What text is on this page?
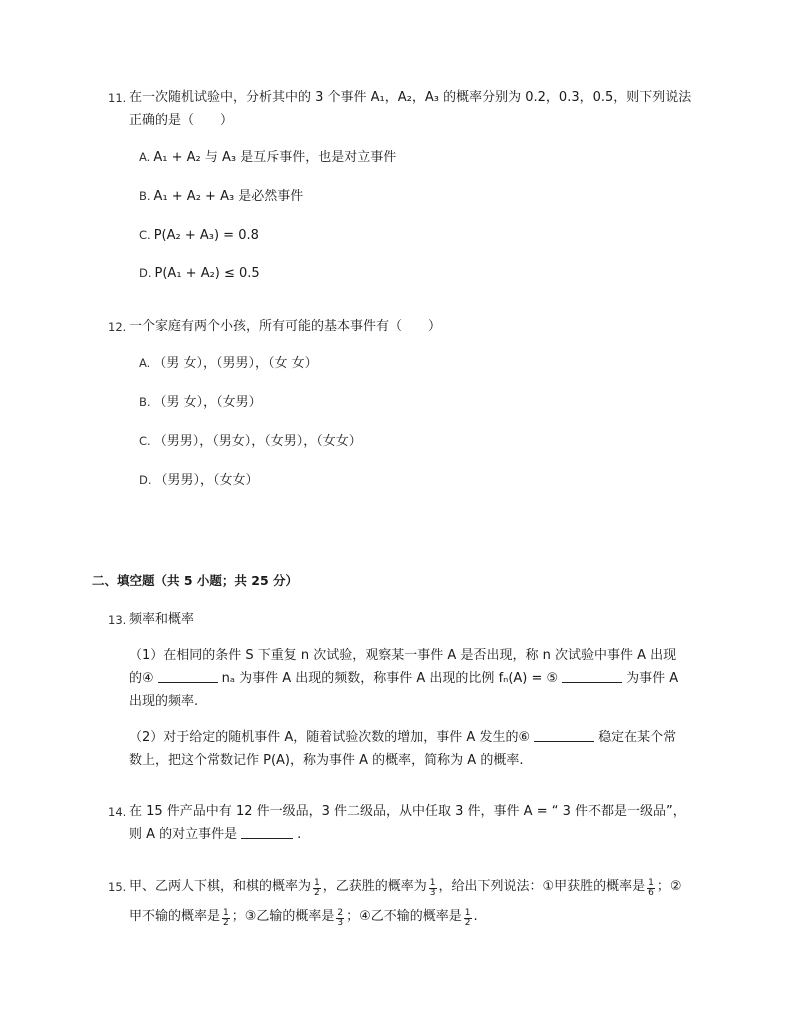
11. 在一次随机试验中，分析其中的 3 个事件 A₁，A₂，A₃ 的概率分别为 0.2，0.3，0.5，则下列说法
正确的是（　　）
A. A₁ + A₂ 与 A₃ 是互斥事件，也是对立事件
B. A₁ + A₂ + A₃ 是必然事件
C. P(A₂ + A₃) = 0.8
D. P(A₁ + A₂) ≤ 0.5
12. 一个家庭有两个小孩，所有可能的基本事件有（　　）
A. （男 女），（男男），（女 女）
B. （男 女），（女男）
C. （男男），（男女），（女男），（女女）
D. （男男），（女女）
二、填空题（共 5 小题；共 25 分）
13. 频率和概率
（1）在相同的条件 S 下重复 n 次试验，观察某一事件 A 是否出现，称 n 次试验中事件 A 出现
的④	nₐ 为事件 A 出现的频数，称事件 A 出现的比例 fₙ(A) = ⑤	为事件 A
出现的频率.
（2）对于给定的随机事件 A，随着试验次数的增加，事件 A 发生的⑥	稳定在某个常
数上，把这个常数记作 P(A)，称为事件 A 的概率，简称为 A 的概率.
14. 在 15 件产品中有 12 件一级品，3 件二级品，从中任取 3 件，事件 A = “ 3 件不都是一级品”，
则 A 的对立事件是	.
15. 甲、乙两人下棋，和棋的概率为 $\frac{1}{2}$ ，乙获胜的概率为 $\frac{1}{3}$ ，给出下列说法：①甲获胜的概率是 $\frac{1}{6}$ ；②
甲不输的概率是 $\frac{1}{2}$ ；③乙输的概率是 $\frac{2}{3}$ ；④乙不输的概率是 $\frac{1}{2}$ .
